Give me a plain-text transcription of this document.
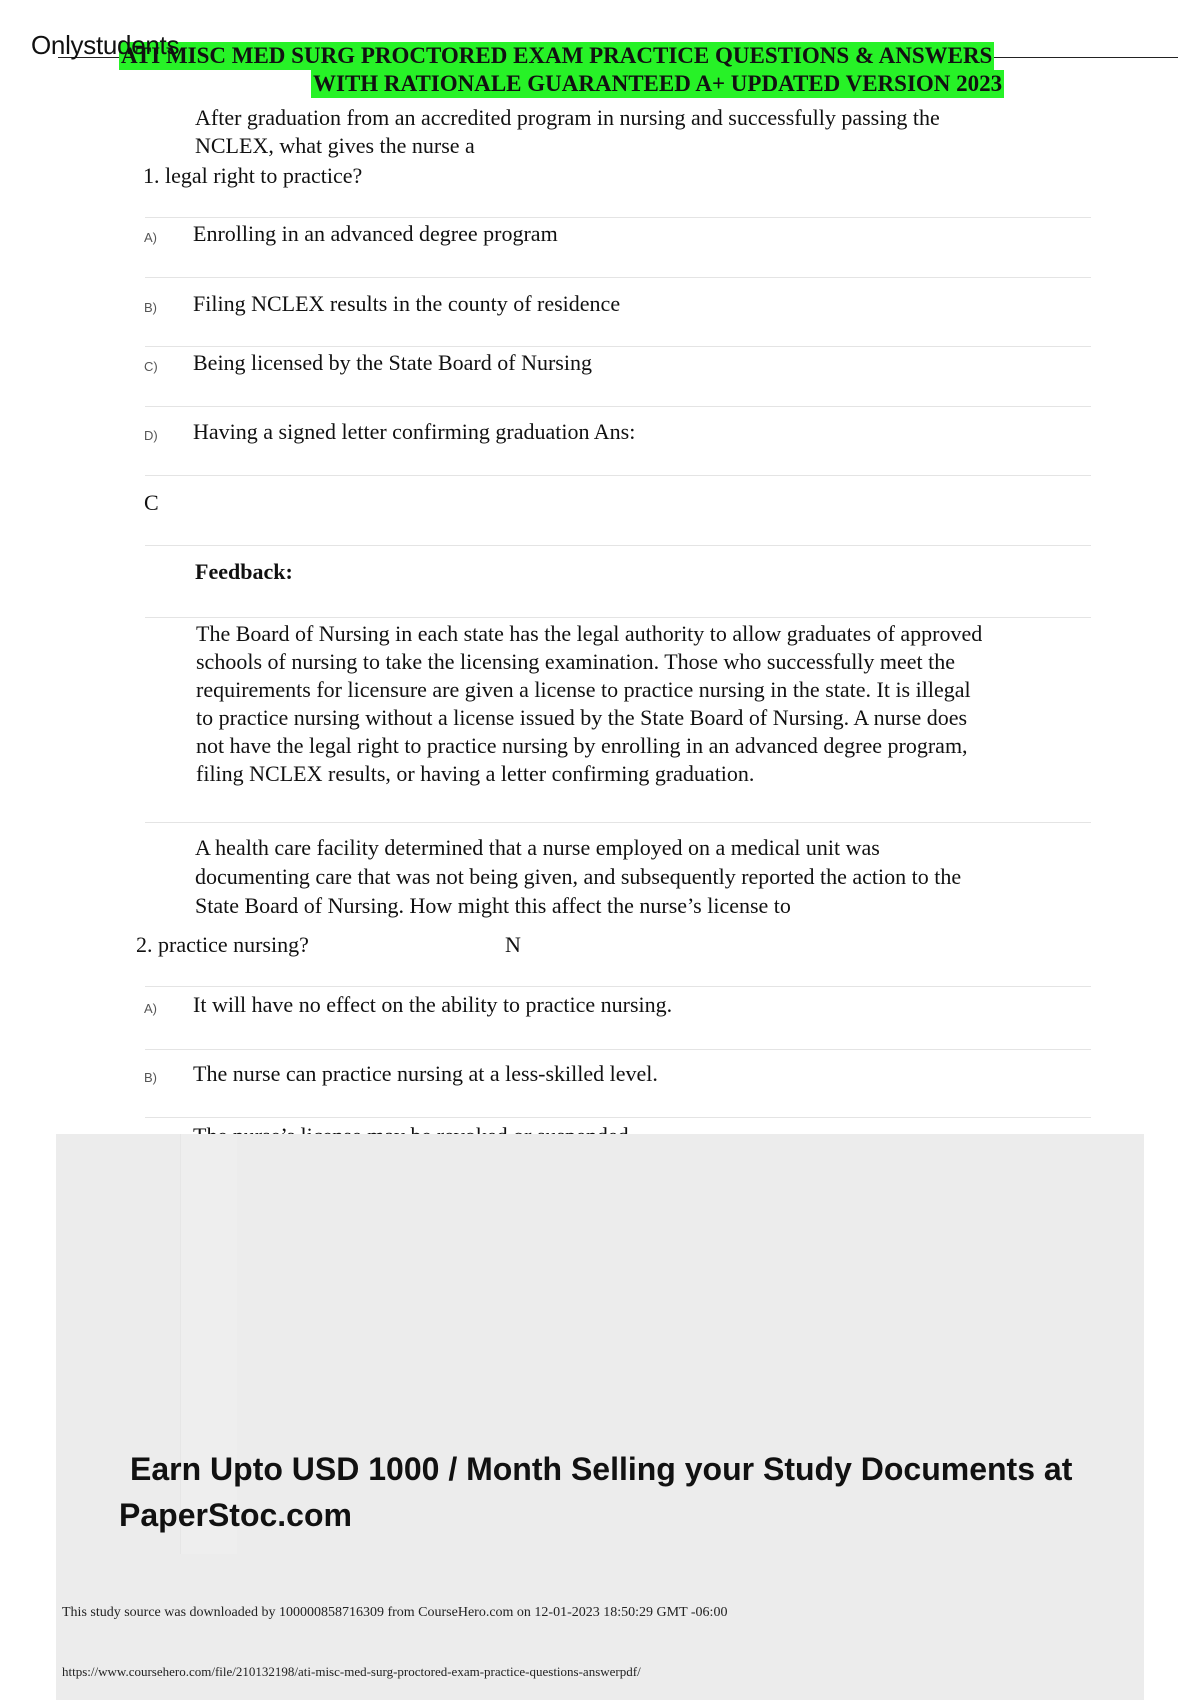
Onlystudents
ATI MISC MED SURG PROCTORED EXAM PRACTICE QUESTIONS & ANSWERS
WITH RATIONALE GUARANTEED A+ UPDATED VERSION 2023
After graduation from an accredited program in nursing and successfully passing the
NCLEX, what gives the nurse a
1. legal right to practice?
A) Enrolling in an advanced degree program
B) Filing NCLEX results in the county of residence
C) Being licensed by the State Board of Nursing
D) Having a signed letter confirming graduation Ans:
C
Feedback:
The Board of Nursing in each state has the legal authority to allow graduates of approved
schools of nursing to take the licensing examination. Those who successfully meet the
requirements for licensure are given a license to practice nursing in the state. It is illegal
to practice nursing without a license issued by the State Board of Nursing. A nurse does
not have the legal right to practice nursing by enrolling in an advanced degree program,
filing NCLEX results, or having a letter confirming graduation.
A health care facility determined that a nurse employed on a medical unit was
documenting care that was not being given, and subsequently reported the action to the
State Board of Nursing. How might this affect the nurse’s license to
2. practice nursing?	N
A) It will have no effect on the ability to practice nursing.
B) The nurse can practice nursing at a less-skilled level.
Earn Upto USD 1000 / Month Selling your Study Documents at
PaperStoc.com
This study source was downloaded by 100000858716309 from CourseHero.com on 12-01-2023 18:50:29 GMT -06:00
https://www.coursehero.com/file/210132198/ati-misc-med-surg-proctored-exam-practice-questions-answerpdf/
